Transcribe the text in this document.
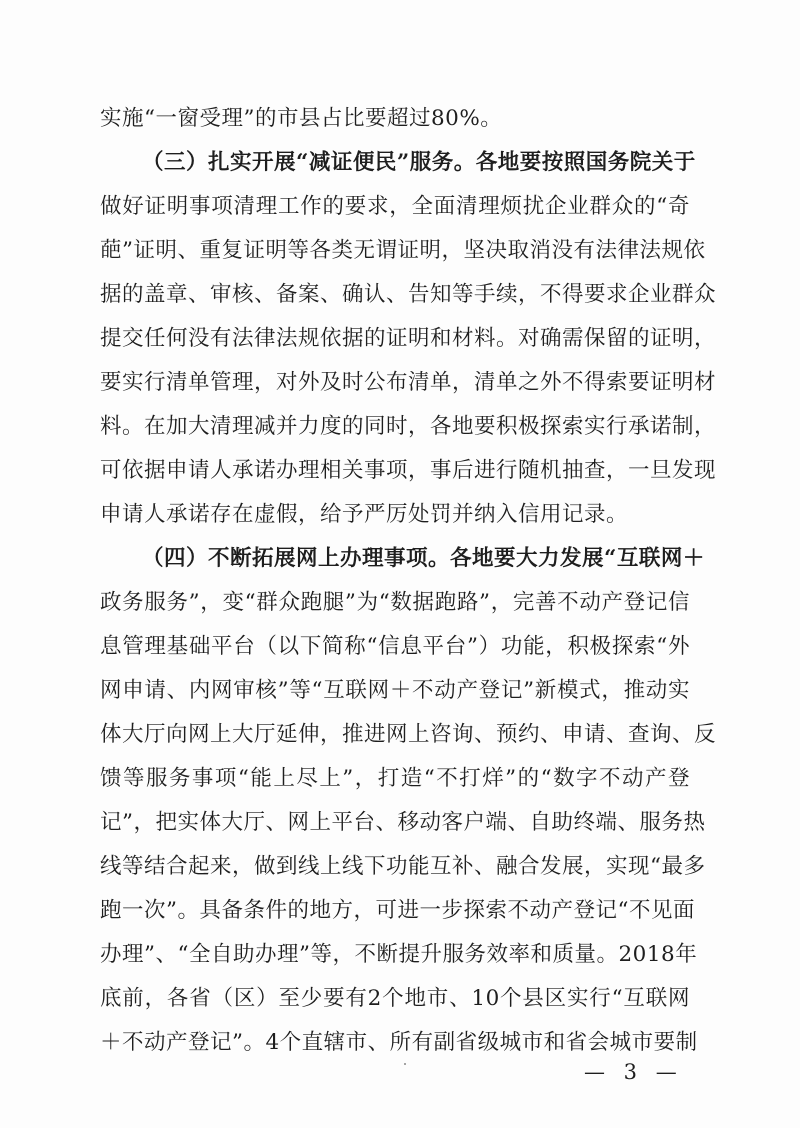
实施“一窗受理”的市县占比要超过80%。
（三） 扎实开展“减证便民”服务。各地要按照国务院关于
做好证明事项清理工作的要求，全面清理烦扰企业群众的“奇
葩”证明、重复证明等各类无谓证明，坚决取消没有法律法规依
据的盖章、审核、备案、确认、告知等手续，不得要求企业群众
提交任何没有法律法规依据的证明和材料。对确需保留的证明，
要实行清单管理，对外及时公布清单，清单之外不得索要证明材
料。在加大清理减并力度的同时，各地要积极探索实行承诺制，
可依据申请人承诺办理相关事项，事后进行随机抽查，一旦发现
申请人承诺存在虚假，给予严厉处罚并纳入信用记录。
（四） 不断拓展网上办理事项。各地要大力发展“互联网＋
政务服务”，变“群众跑腿”为“数据跑路”，完善不动产登记信
息管理基础平台（以下简称“信息平台”）功能，积极探索“外
网申请、内网审核”等“互联网＋不动产登记”新模式，推动实
体大厅向网上大厅延伸，推进网上咨询、预约、申请、查询、反
馈等服务事项“能上尽上”，打造“不打烊”的“数字不动产登
记”，把实体大厅、网上平台、移动客户端、自助终端、服务热
线等结合起来，做到线上线下功能互补、融合发展，实现“最多
跑一次”。具备条件的地方，可进一步探索不动产登记“不见面
办理”、“全自助办理”等，不断提升服务效率和质量。2018年
底前，各省（区）至少要有2个地市、10个县区实行“互联网
＋不动产登记”。4个直辖市、所有副省级城市和省会城市要制
— 3 —
